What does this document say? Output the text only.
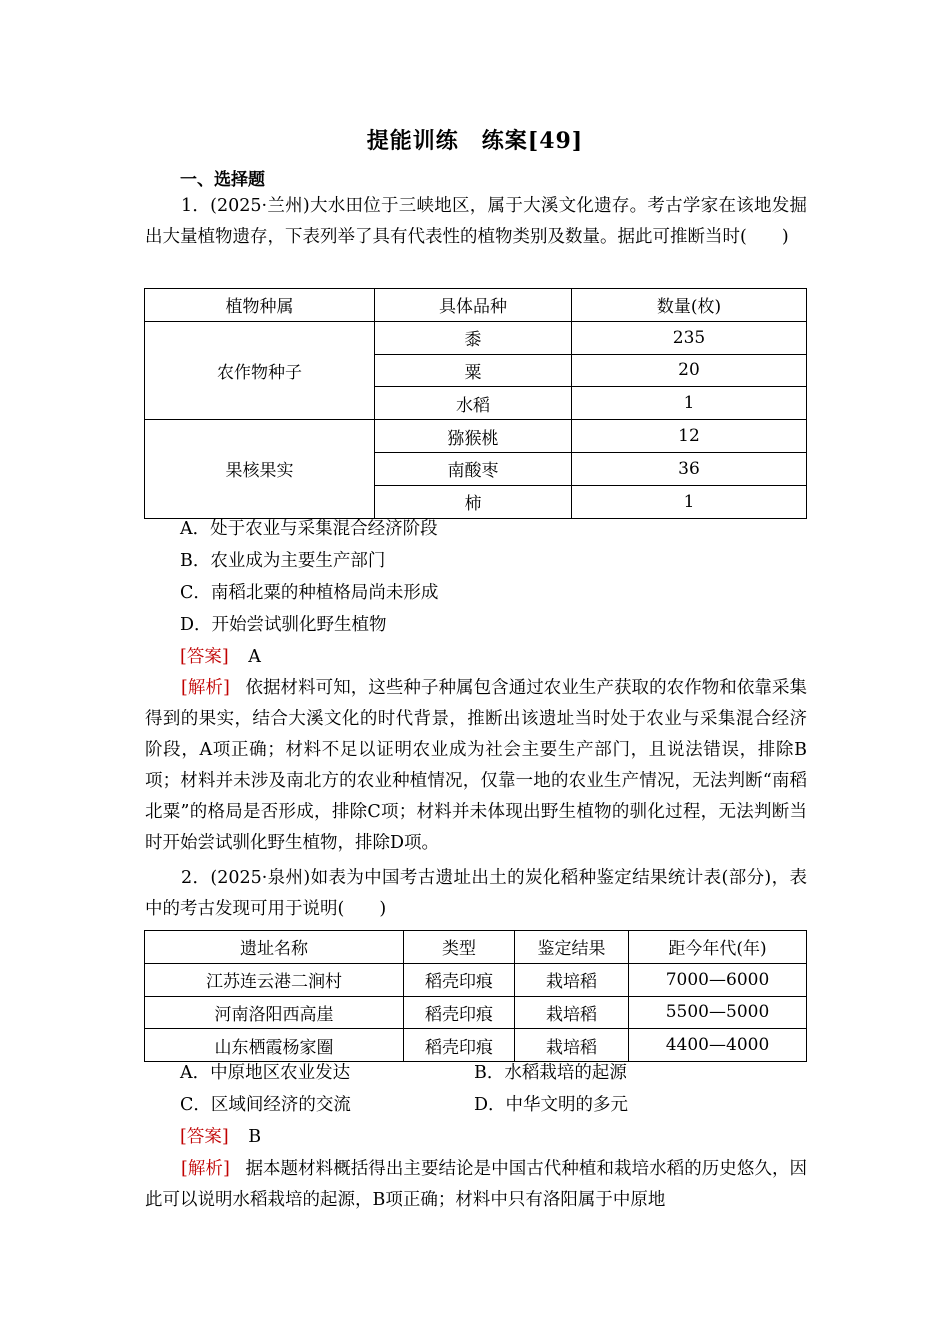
提能训练　练案[49]
一、选择题
1．(2025·兰州)大水田位于三峡地区，属于大溪文化遗存。考古学家在该地发掘出大量植物遗存，下表列举了具有代表性的植物类别及数量。据此可推断当时(　　)
植物种属	具体品种	数量(枚)
农作物种子	黍	235
	粟	20
	水稻	1
果核果实	猕猴桃	12
	南酸枣	36
	柿	1
A．处于农业与采集混合经济阶段
B．农业成为主要生产部门
C．南稻北粟的种植格局尚未形成
D．开始尝试驯化野生植物
[答案] A
[解析] 依据材料可知，这些种子种属包含通过农业生产获取的农作物和依靠采集得到的果实，结合大溪文化的时代背景，推断出该遗址当时处于农业与采集混合经济阶段，A项正确；材料不足以证明农业成为社会主要生产部门，且说法错误，排除B项；材料并未涉及南北方的农业种植情况，仅靠一地的农业生产情况，无法判断“南稻北粟”的格局是否形成，排除C项；材料并未体现出野生植物的驯化过程，无法判断当时开始尝试驯化野生植物，排除D项。
2．(2025·泉州)如表为中国考古遗址出土的炭化稻种鉴定结果统计表(部分)，表中的考古发现可用于说明(　　)
遗址名称	类型	鉴定结果	距今年代(年)
江苏连云港二涧村	稻壳印痕	栽培稻	7000—6000
河南洛阳西高崖	稻壳印痕	栽培稻	5500—5000
山东栖霞杨家圈	稻壳印痕	栽培稻	4400—4000
A．中原地区农业发达	B．水稻栽培的起源
C．区域间经济的交流	D．中华文明的多元
[答案] B
[解析] 据本题材料概括得出主要结论是中国古代种植和栽培水稻的历史悠久，因此可以说明水稻栽培的起源，B项正确；材料中只有洛阳属于中原地
